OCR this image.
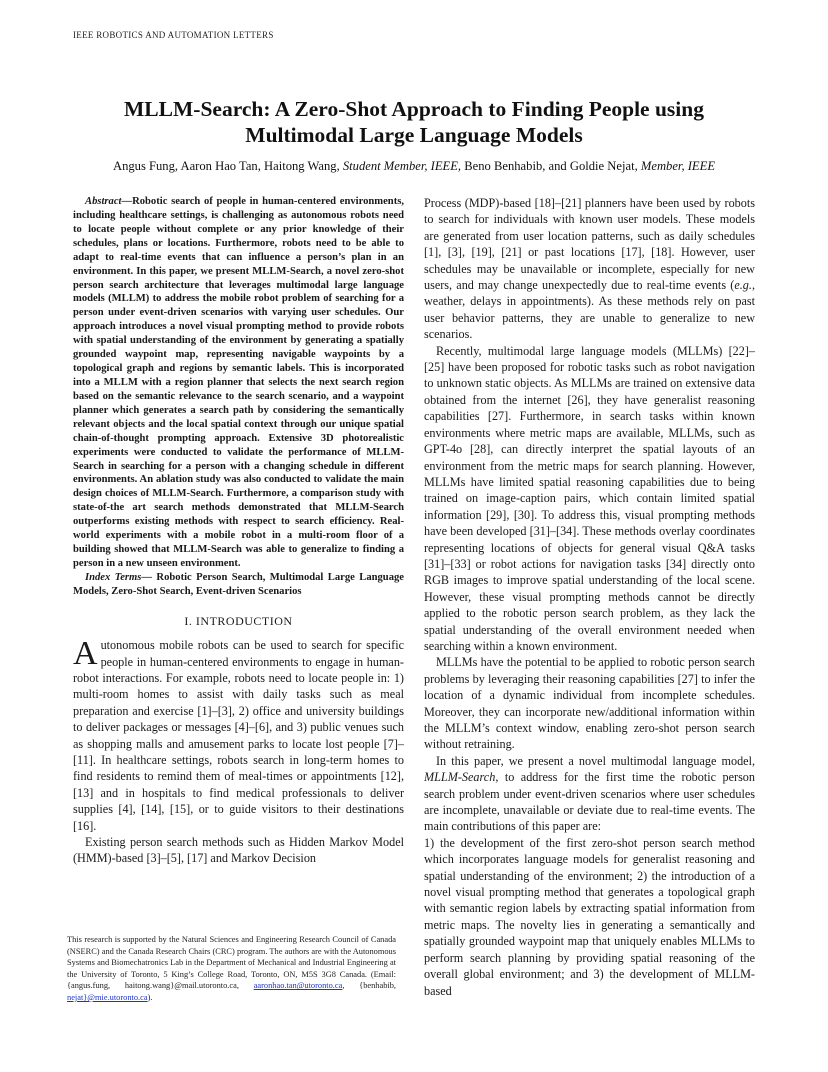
IEEE ROBOTICS AND AUTOMATION LETTERS
MLLM-Search: A Zero-Shot Approach to Finding People using
Multimodal Large Language Models
Angus Fung, Aaron Hao Tan, Haitong Wang, Student Member, IEEE, Beno Benhabib, and Goldie Nejat, Member, IEEE

Abstract—Robotic search of people in human-centered environments, including healthcare settings, is challenging as autonomous robots need to locate people without complete or any prior knowledge of their schedules, plans or locations. Furthermore, robots need to be able to adapt to real-time events that can influence a person’s plan in an environment. In this paper, we present MLLM-Search, a novel zero-shot person search architecture that leverages multimodal large language models (MLLM) to address the mobile robot problem of searching for a person under event-driven scenarios with varying user schedules. Our approach introduces a novel visual prompting method to provide robots with spatial understanding of the environment by generating a spatially grounded waypoint map, representing navigable waypoints by a topological graph and regions by semantic labels. This is incorporated into a MLLM with a region planner that selects the next search region based on the semantic relevance to the search scenario, and a waypoint planner which generates a search path by considering the semantically relevant objects and the local spatial context through our unique spatial chain-of-thought prompting approach. Extensive 3D photorealistic experiments were conducted to validate the performance of MLLM-Search in searching for a person with a changing schedule in different environments. An ablation study was also conducted to validate the main design choices of MLLM-Search. Furthermore, a comparison study with state-of-the art search methods demonstrated that MLLM-Search outperforms existing methods with respect to search efficiency. Real-world experiments with a mobile robot in a multi-room floor of a building showed that MLLM-Search was able to generalize to finding a person in a new unseen environment.

Index Terms— Robotic Person Search, Multimodal Large Language Models, Zero-Shot Search, Event-driven Scenarios

I. INTRODUCTION

Autonomous mobile robots can be used to search for specific people in human-centered environments to engage in human-robot interactions. For example, robots need to locate people in: 1) multi-room homes to assist with daily tasks such as meal preparation and exercise [1]–[3], 2) office and university buildings to deliver packages or messages [4]–[6], and 3) public venues such as shopping malls and amusement parks to locate lost people [7]–[11]. In healthcare settings, robots search in long-term homes to find residents to remind them of meal-times or appointments [12], [13] and in hospitals to find medical professionals to deliver supplies [4], [14], [15], or to guide visitors to their destinations [16].

Existing person search methods such as Hidden Markov Model (HMM)-based [3]–[5], [17] and Markov Decision

This research is supported by the Natural Sciences and Engineering Research Council of Canada (NSERC) and the Canada Research Chairs (CRC) program. The authors are with the Autonomous Systems and Biomechatronics Lab in the Department of Mechanical and Industrial Engineering at the University of Toronto, 5 King’s College Road, Toronto, ON, M5S 3G8 Canada. (Email: {angus.fung, haitong.wang}@mail.utoronto.ca, aaronhao.tan@utoronto.ca, {benhabib, nejat}@mie.utoronto.ca).

Process (MDP)-based [18]–[21] planners have been used by robots to search for individuals with known user models. These models are generated from user location patterns, such as daily schedules [1], [3], [19], [21] or past locations [17], [18]. However, user schedules may be unavailable or incomplete, especially for new users, and may change unexpectedly due to real-time events (e.g., weather, delays in appointments). As these methods rely on past user behavior patterns, they are unable to generalize to new scenarios.

Recently, multimodal large language models (MLLMs) [22]–[25] have been proposed for robotic tasks such as robot navigation to unknown static objects. As MLLMs are trained on extensive data obtained from the internet [26], they have generalist reasoning capabilities [27]. Furthermore, in search tasks within known environments where metric maps are available, MLLMs, such as GPT-4o [28], can directly interpret the spatial layouts of an environment from the metric maps for search planning. However, MLLMs have limited spatial reasoning capabilities due to being trained on image-caption pairs, which contain limited spatial information [29], [30]. To address this, visual prompting methods have been developed [31]–[34]. These methods overlay coordinates representing locations of objects for general visual Q&A tasks [31]–[33] or robot actions for navigation tasks [34] directly onto RGB images to improve spatial understanding of the local scene. However, these visual prompting methods cannot be directly applied to the robotic person search problem, as they lack the spatial understanding of the overall environment needed when searching within a known environment.

MLLMs have the potential to be applied to robotic person search problems by leveraging their reasoning capabilities [27] to infer the location of a dynamic individual from incomplete schedules. Moreover, they can incorporate new/additional information within the MLLM’s context window, enabling zero-shot person search without retraining.

In this paper, we present a novel multimodal language model, MLLM-Search, to address for the first time the robotic person search problem under event-driven scenarios where user schedules are incomplete, unavailable or deviate due to real-time events. The main contributions of this paper are:

1) the development of the first zero-shot person search method which incorporates language models for generalist reasoning and spatial understanding of the environment; 2) the introduction of a novel visual prompting method that generates a topological graph with semantic region labels by extracting spatial information from metric maps. The novelty lies in generating a semantically and spatially grounded waypoint map that uniquely enables MLLMs to perform search planning by providing spatial reasoning of the overall global environment; and 3) the development of MLLM-based
